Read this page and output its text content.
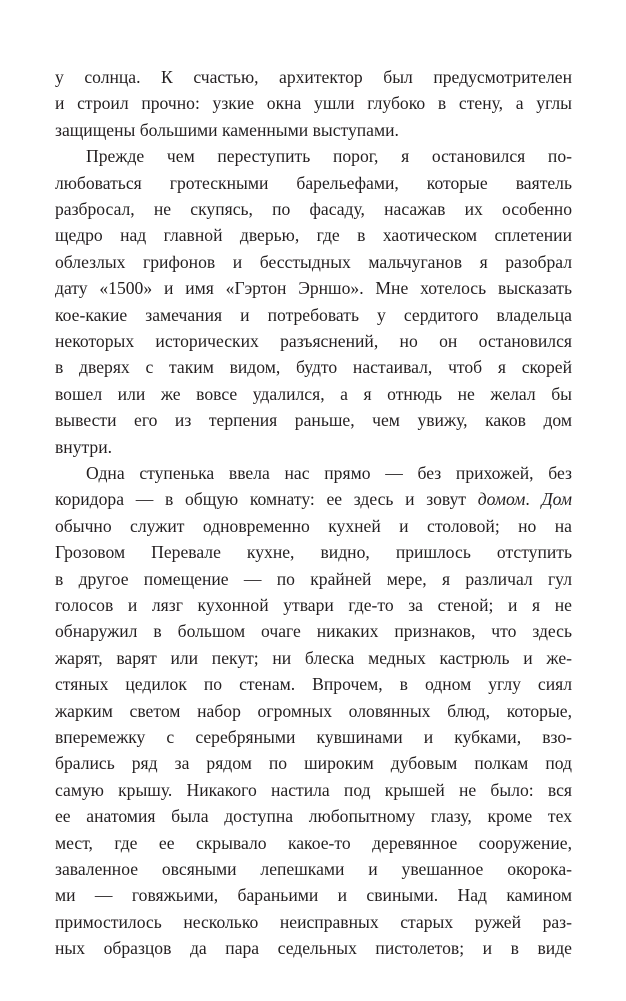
у солнца. К счастью, архитектор был предусмотрителен
и строил прочно: узкие окна ушли глубоко в стену, а углы
защищены большими каменными выступами.
Прежде чем переступить порог, я остановился по-
любоваться гротескными барельефами, которые ваятель
разбросал, не скупясь, по фасаду, насажав их особенно
щедро над главной дверью, где в хаотическом сплетении
облезлых грифонов и бесстыдных мальчуганов я разобрал
дату «1500» и имя «Гэртон Эрншо». Мне хотелось высказать
кое-какие замечания и потребовать у сердитого владельца
некоторых исторических разъяснений, но он остановился
в дверях с таким видом, будто настаивал, чтоб я скорей
вошел или же вовсе удалился, а я отнюдь не желал бы
вывести его из терпения раньше, чем увижу, каков дом
внутри.
Одна ступенька ввела нас прямо — без прихожей, без
коридора — в общую комнату: ее здесь и зовут домом. Дом
обычно служит одновременно кухней и столовой; но на
Грозовом Перевале кухне, видно, пришлось отступить
в другое помещение — по крайней мере, я различал гул
голосов и лязг кухонной утвари где-то за стеной; и я не
обнаружил в большом очаге никаких признаков, что здесь
жарят, варят или пекут; ни блеска медных кастрюль и же-
стяных цедилок по стенам. Впрочем, в одном углу сиял
жарким светом набор огромных оловянных блюд, которые,
вперемежку с серебряными кувшинами и кубками, взо-
брались ряд за рядом по широким дубовым полкам под
самую крышу. Никакого настила под крышей не было: вся
ее анатомия была доступна любопытному глазу, кроме тех
мест, где ее скрывало какое-то деревянное сооружение,
заваленное овсяными лепешками и увешанное окорока-
ми — говяжьими, бараньими и свиными. Над камином
примостилось несколько неисправных старых ружей раз-
ных образцов да пара седельных пистолетов; и в виде
